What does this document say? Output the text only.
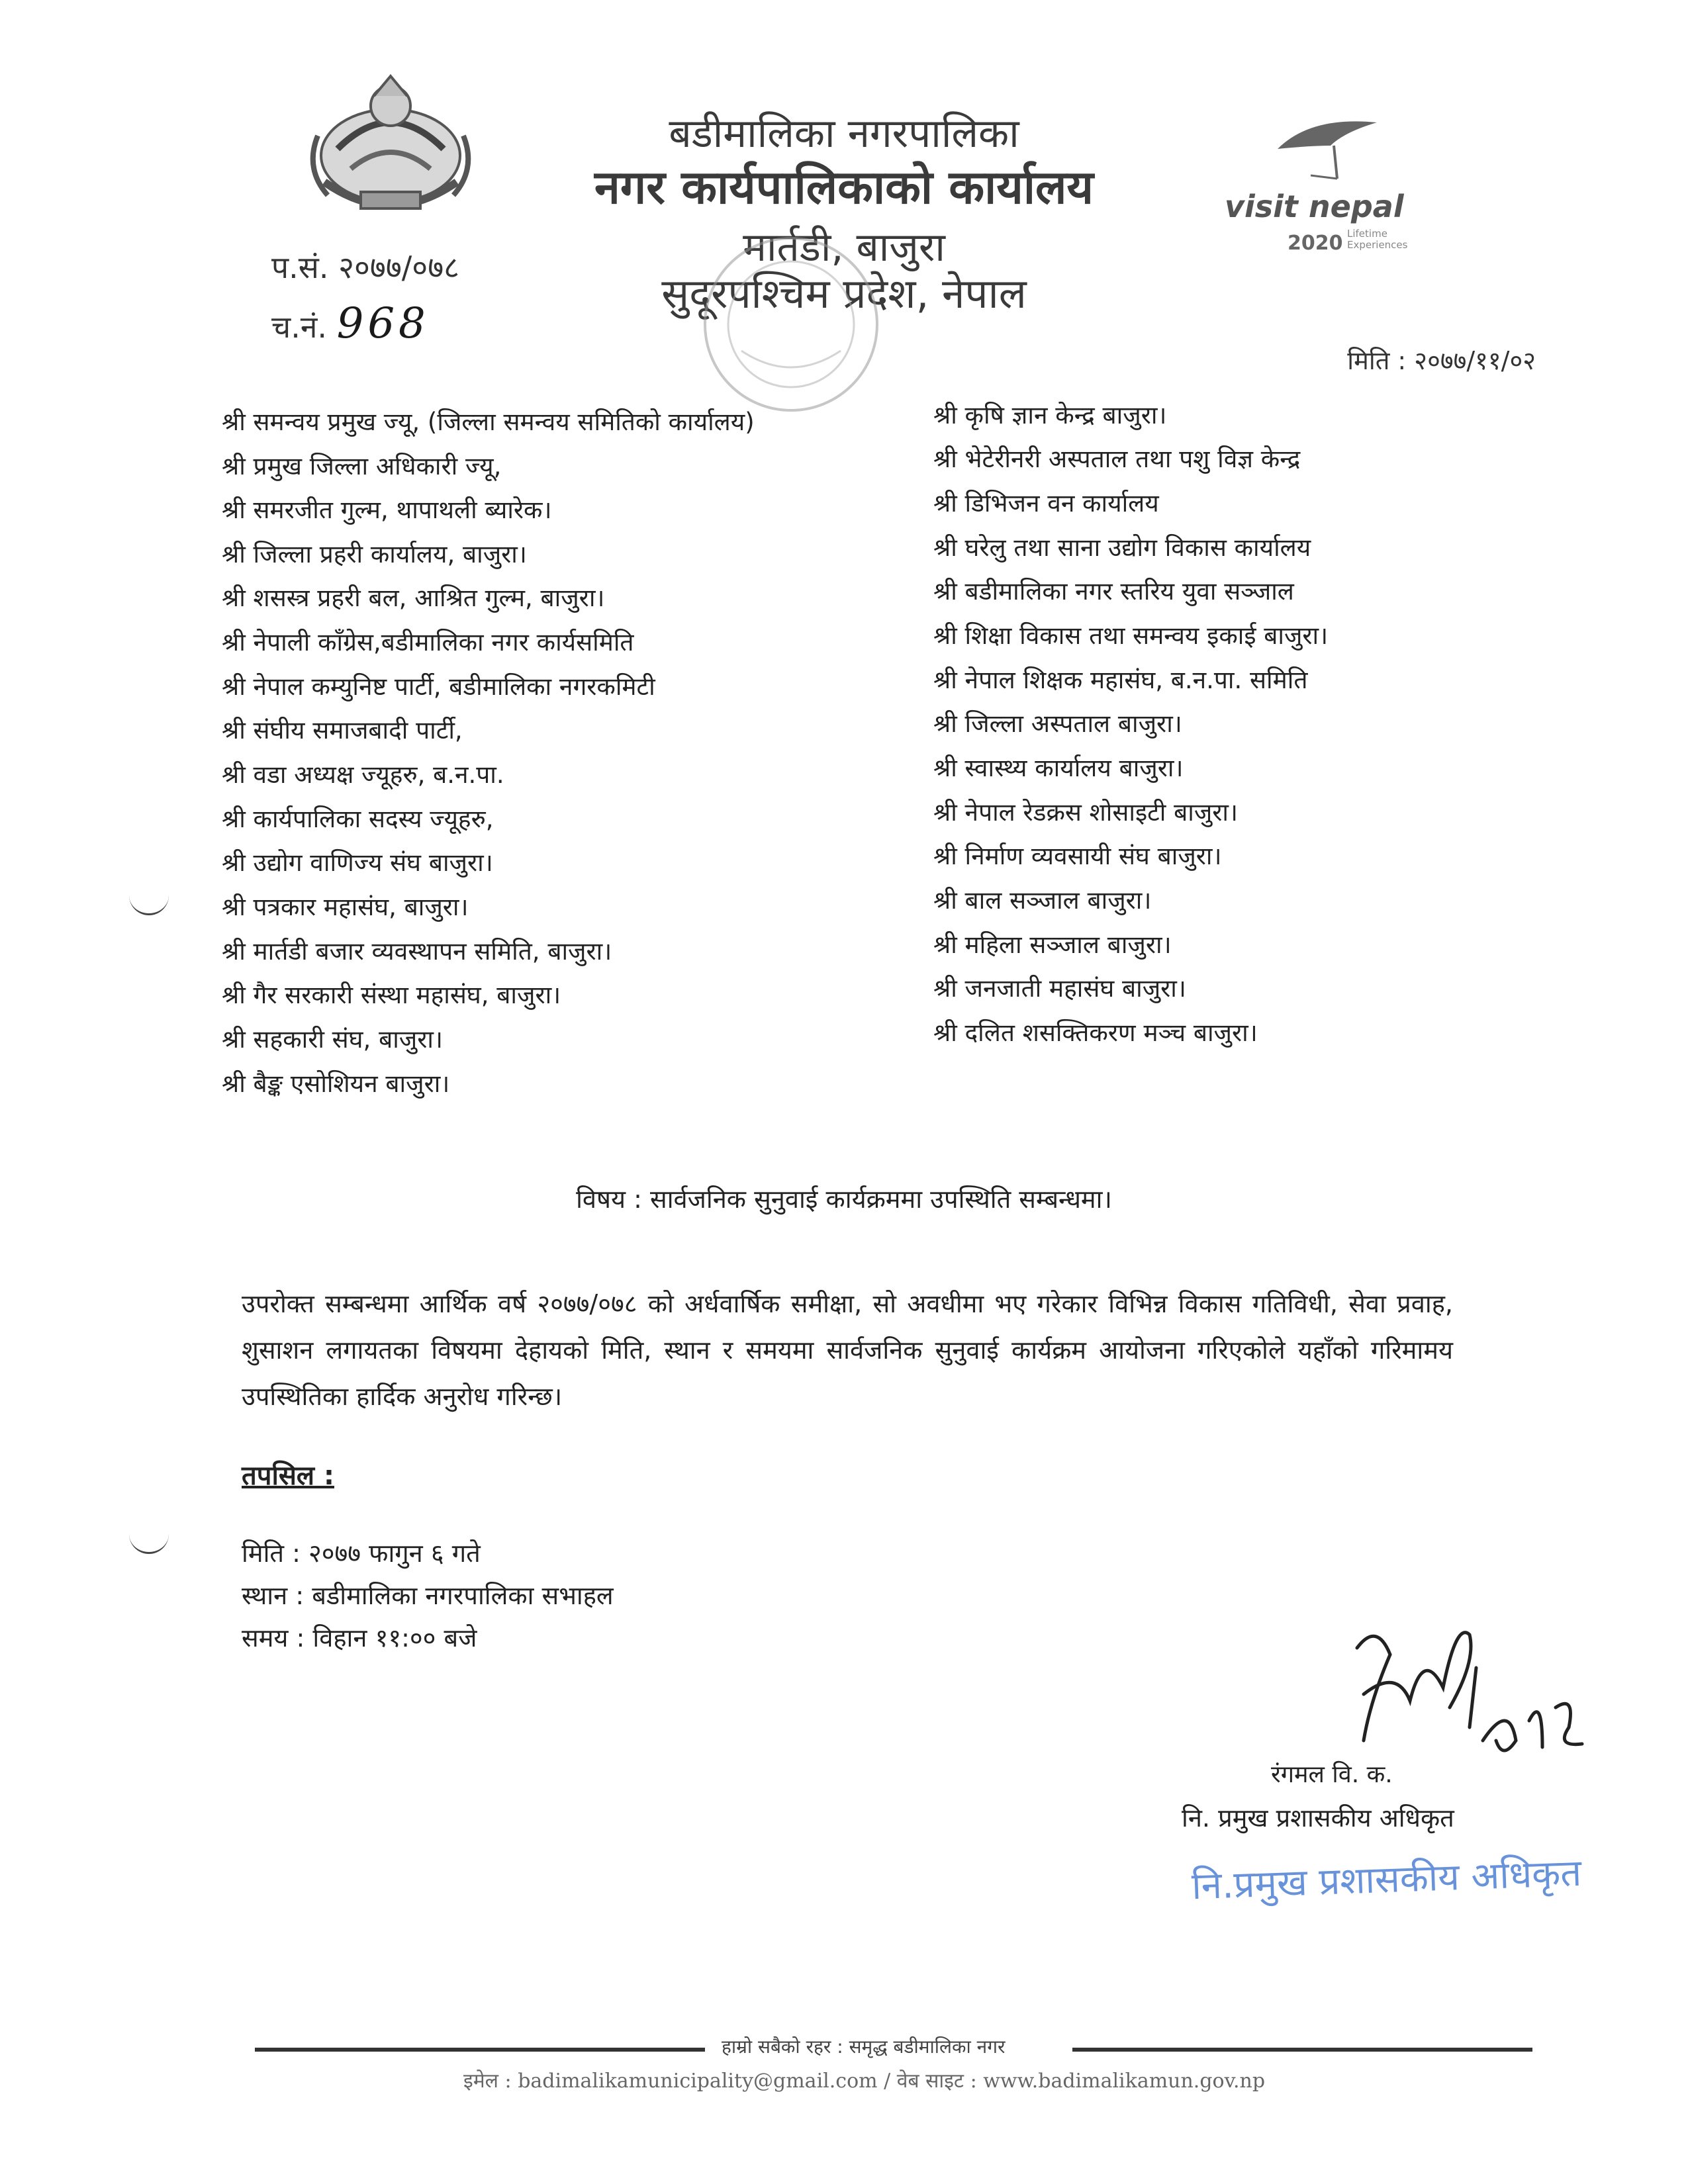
बडीमालिका नगरपालिका
नगर कार्यपालिकाको कार्यालय
मार्तडी, बाजुरा
सुदूरपश्चिम प्रदेश, नेपाल
प.सं. २०७७/०७८
च.नं. 968
visit nepal
2020 Lifetime
Experiences
मिति : २०७७/११/०२
श्री समन्वय प्रमुख ज्यू, (जिल्ला समन्वय समितिको कार्यालय)
श्री प्रमुख जिल्ला अधिकारी ज्यू,
श्री समरजीत गुल्म, थापाथली ब्यारेक।
श्री जिल्ला प्रहरी कार्यालय, बाजुरा।
श्री शसस्त्र प्रहरी बल, आश्रित गुल्म, बाजुरा।
श्री नेपाली काँग्रेस,बडीमालिका नगर कार्यसमिति
श्री नेपाल कम्युनिष्ट पार्टी, बडीमालिका नगरकमिटी
श्री संघीय समाजबादी पार्टी,
श्री वडा अध्यक्ष ज्यूहरु, ब.न.पा.
श्री कार्यपालिका सदस्य ज्यूहरु,
श्री उद्योग वाणिज्य संघ बाजुरा।
श्री पत्रकार महासंघ, बाजुरा।
श्री मार्तडी बजार व्यवस्थापन समिति, बाजुरा।
श्री गैर सरकारी संस्था महासंघ, बाजुरा।
श्री सहकारी संघ, बाजुरा।
श्री बैङ्क एसोशियन बाजुरा।
श्री कृषि ज्ञान केन्द्र बाजुरा।
श्री भेटेरीनरी अस्पताल तथा पशु विज्ञ केन्द्र
श्री डिभिजन वन कार्यालय
श्री घरेलु तथा साना उद्योग विकास कार्यालय
श्री बडीमालिका नगर स्तरिय युवा सञ्जाल
श्री शिक्षा विकास तथा समन्वय इकाई बाजुरा।
श्री नेपाल शिक्षक महासंघ, ब.न.पा. समिति
श्री जिल्ला अस्पताल बाजुरा।
श्री स्वास्थ्य कार्यालय बाजुरा।
श्री नेपाल रेडक्रस शोसाइटी बाजुरा।
श्री निर्माण व्यवसायी संघ बाजुरा।
श्री बाल सञ्जाल बाजुरा।
श्री महिला सञ्जाल बाजुरा।
श्री जनजाती महासंघ बाजुरा।
श्री दलित शसक्तिकरण मञ्च बाजुरा।
विषय : सार्वजनिक सुनुवाई कार्यक्रममा उपस्थिति सम्बन्धमा।
उपरोक्त सम्बन्धमा आर्थिक वर्ष २०७७/०७८ को अर्धवार्षिक समीक्षा, सो अवधीमा भए गरेकार विभिन्न विकास गतिविधी, सेवा प्रवाह, शुसाशन लगायतका विषयमा देहायको मिति, स्थान र समयमा सार्वजनिक सुनुवाई कार्यक्रम आयोजना गरिएकोले यहाँको गरिमामय उपस्थितिका हार्दिक अनुरोध गरिन्छ।
तपसिल :
मिति : २०७७ फागुन ६ गते
स्थान : बडीमालिका नगरपालिका सभाहल
समय : विहान ११:०० बजे
रंगमल वि. क.
नि. प्रमुख प्रशासकीय अधिकृत
नि.प्रमुख प्रशासकीय अधिकृत
हाम्रो सबैको रहर : समृद्ध बडीमालिका नगर
इमेल : badimalikamunicipality@gmail.com / वेब साइट : www.badimalikamun.gov.np
